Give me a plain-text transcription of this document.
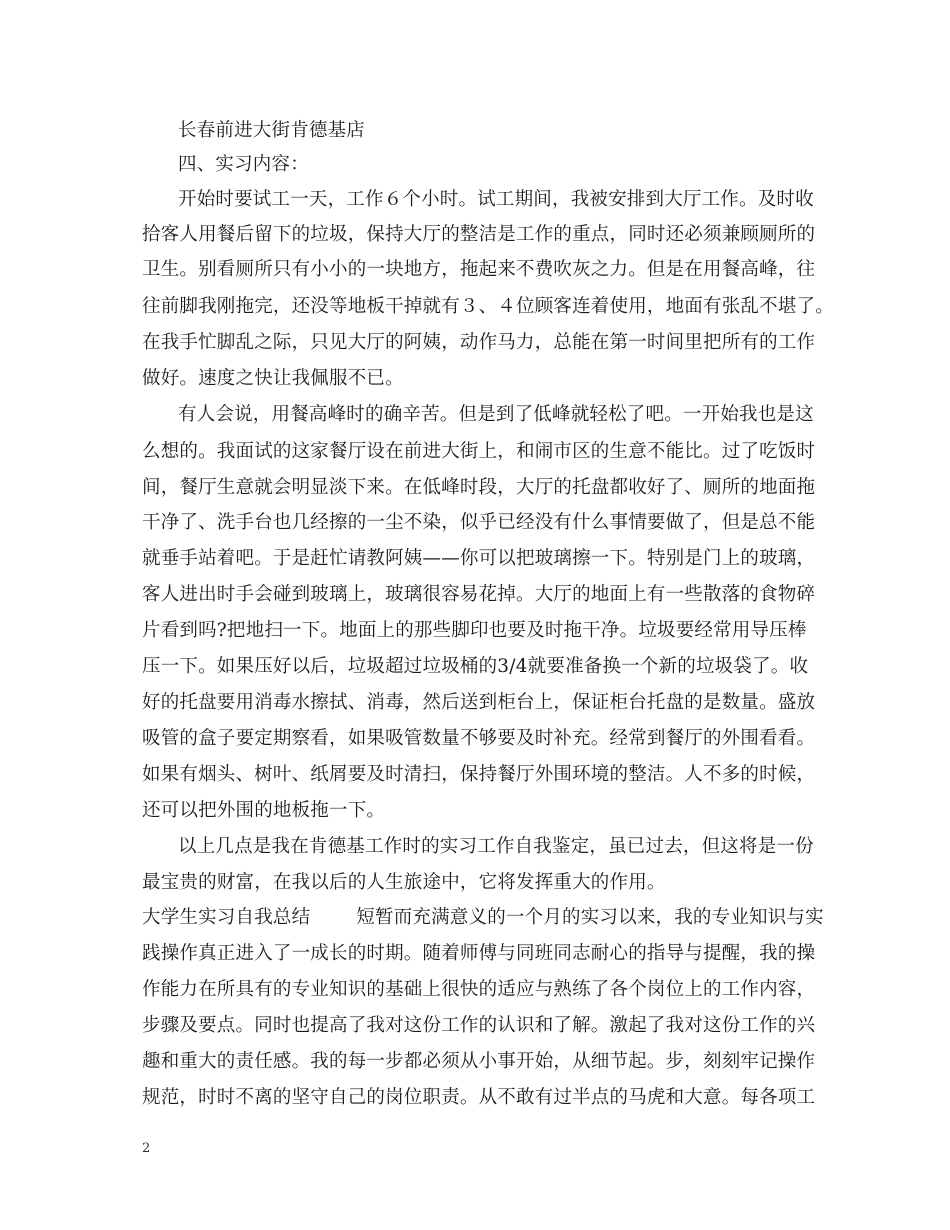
长春前进大街肯德基店
四、实习内容：
开始时要试工一天，工作６个小时。试工期间，我被安排到大厅工作。及时收
拾客人用餐后留下的垃圾，保持大厅的整洁是工作的重点，同时还必须兼顾厕所的
卫生。别看厕所只有小小的一块地方，拖起来不费吹灰之力。但是在用餐高峰，往
往前脚我刚拖完，还没等地板干掉就有３、４位顾客连着使用，地面有张乱不堪了。
在我手忙脚乱之际，只见大厅的阿姨，动作马力，总能在第一时间里把所有的工作
做好。速度之快让我佩服不已。
有人会说，用餐高峰时的确辛苦。但是到了低峰就轻松了吧。一开始我也是这
么想的。我面试的这家餐厅设在前进大街上，和闹市区的生意不能比。过了吃饭时
间，餐厅生意就会明显淡下来。在低峰时段，大厅的托盘都收好了、厕所的地面拖
干净了、洗手台也几经擦的一尘不染，似乎已经没有什么事情要做了，但是总不能
就垂手站着吧。于是赶忙请教阿姨——你可以把玻璃擦一下。特别是门上的玻璃，
客人进出时手会碰到玻璃上，玻璃很容易花掉。大厅的地面上有一些散落的食物碎
片看到吗?把地扫一下。地面上的那些脚印也要及时拖干净。垃圾要经常用导压棒
压一下。如果压好以后，垃圾超过垃圾桶的3/4就要准备换一个新的垃圾袋了。收
好的托盘要用消毒水擦拭、消毒，然后送到柜台上，保证柜台托盘的是数量。盛放
吸管的盒子要定期察看，如果吸管数量不够要及时补充。经常到餐厅的外围看看。
如果有烟头、树叶、纸屑要及时清扫，保持餐厅外围环境的整洁。人不多的时候，
还可以把外围的地板拖一下。
以上几点是我在肯德基工作时的实习工作自我鉴定，虽已过去，但这将是一份
最宝贵的财富，在我以后的人生旅途中，它将发挥重大的作用。
大学生实习自我总结 短暂而充满意义的一个月的实习以来，我的专业知识与实
践操作真正进入了一成长的时期。随着师傅与同班同志耐心的指导与提醒，我的操
作能力在所具有的专业知识的基础上很快的适应与熟练了各个岗位上的工作内容，
步骤及要点。同时也提高了我对这份工作的认识和了解。激起了我对这份工作的兴
趣和重大的责任感。我的每一步都必须从小事开始，从细节起。步，刻刻牢记操作
规范，时时不离的坚守自己的岗位职责。从不敢有过半点的马虎和大意。每各项工
2
